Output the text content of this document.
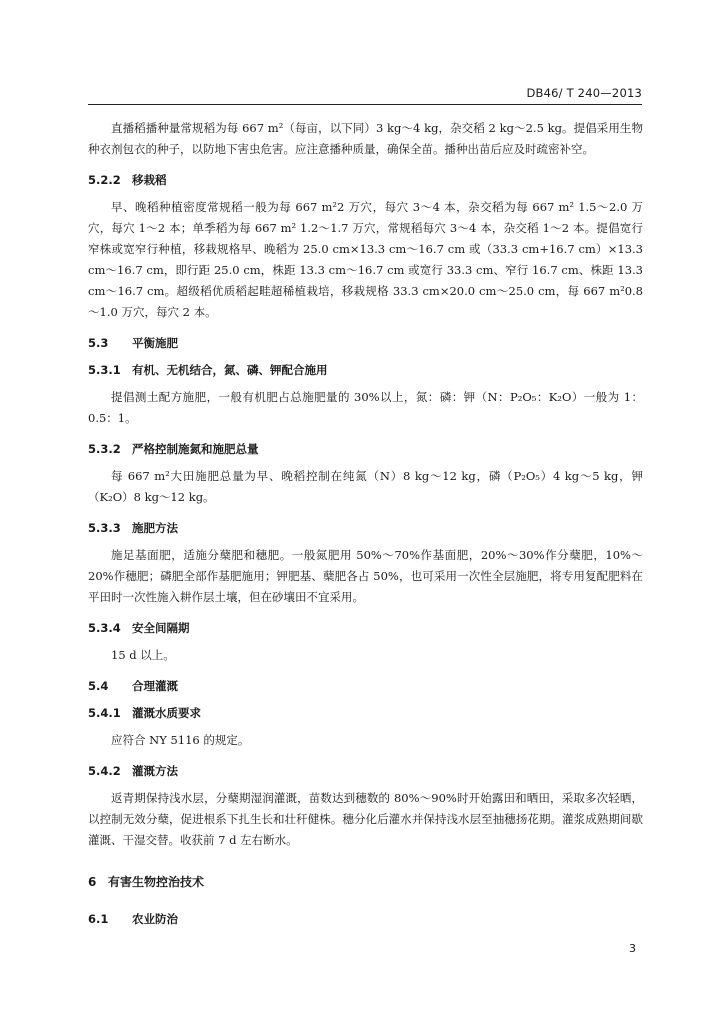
DB46/ T 240—2013

直播稻播种量常规稻为每 667 m²（每亩，以下同）3 kg～4 kg，杂交稻 2 kg～2.5 kg。提倡采用生物种衣剂包衣的种子，以防地下害虫危害。应注意播种质量，确保全苗。播种出苗后应及时疏密补空。

5.2.2 移栽稻

早、晚稻种植密度常规稻一般为每 667 m²2 万穴，每穴 3～4 本，杂交稻为每 667 m² 1.5～2.0 万穴，每穴 1～2 本；单季稻为每 667 m² 1.2～1.7 万穴，常规稻每穴 3～4 本，杂交稻 1～2 本。提倡宽行窄株或宽窄行种植，移栽规格早、晚稻为 25.0 cm×13.3 cm～16.7 cm 或（33.3 cm+16.7 cm）×13.3 cm～16.7 cm，即行距 25.0 cm，株距 13.3 cm～16.7 cm 或宽行 33.3 cm、窄行 16.7 cm、株距 13.3 cm～16.7 cm。超级稻优质稻起畦超稀植栽培，移栽规格 33.3 cm×20.0 cm～25.0 cm，每 667 m²0.8～1.0 万穴，每穴 2 本。

5.3 平衡施肥
5.3.1 有机、无机结合，氮、磷、钾配合施用

提倡测土配方施肥，一般有机肥占总施肥量的 30%以上，氮：磷：钾（N：P₂O₅：K₂O）一般为 1：0.5：1。

5.3.2 严格控制施氮和施肥总量

每 667 m²大田施肥总量为早、晚稻控制在纯氮（N）8 kg～12 kg，磷（P₂O₅）4 kg～5 kg，钾（K₂O）8 kg～12 kg。

5.3.3 施肥方法

施足基面肥，适施分蘖肥和穗肥。一般氮肥用 50%～70%作基面肥，20%～30%作分蘖肥，10%～20%作穗肥；磷肥全部作基肥施用；钾肥基、蘖肥各占 50%，也可采用一次性全层施肥，将专用复配肥料在平田时一次性施入耕作层土壤，但在砂壤田不宜采用。

5.3.4 安全间隔期

15 d 以上。

5.4 合理灌溉
5.4.1 灌溉水质要求

应符合 NY 5116 的规定。

5.4.2 灌溉方法

返青期保持浅水层，分蘖期湿润灌溉，苗数达到穗数的 80%～90%时开始露田和晒田，采取多次轻晒，以控制无效分蘖，促进根系下扎生长和壮秆健株。穗分化后灌水并保持浅水层至抽穗扬花期。灌浆成熟期间歇灌溉、干湿交替。收获前 7 d 左右断水。

6 有害生物控治技术
6.1 农业防治
3
